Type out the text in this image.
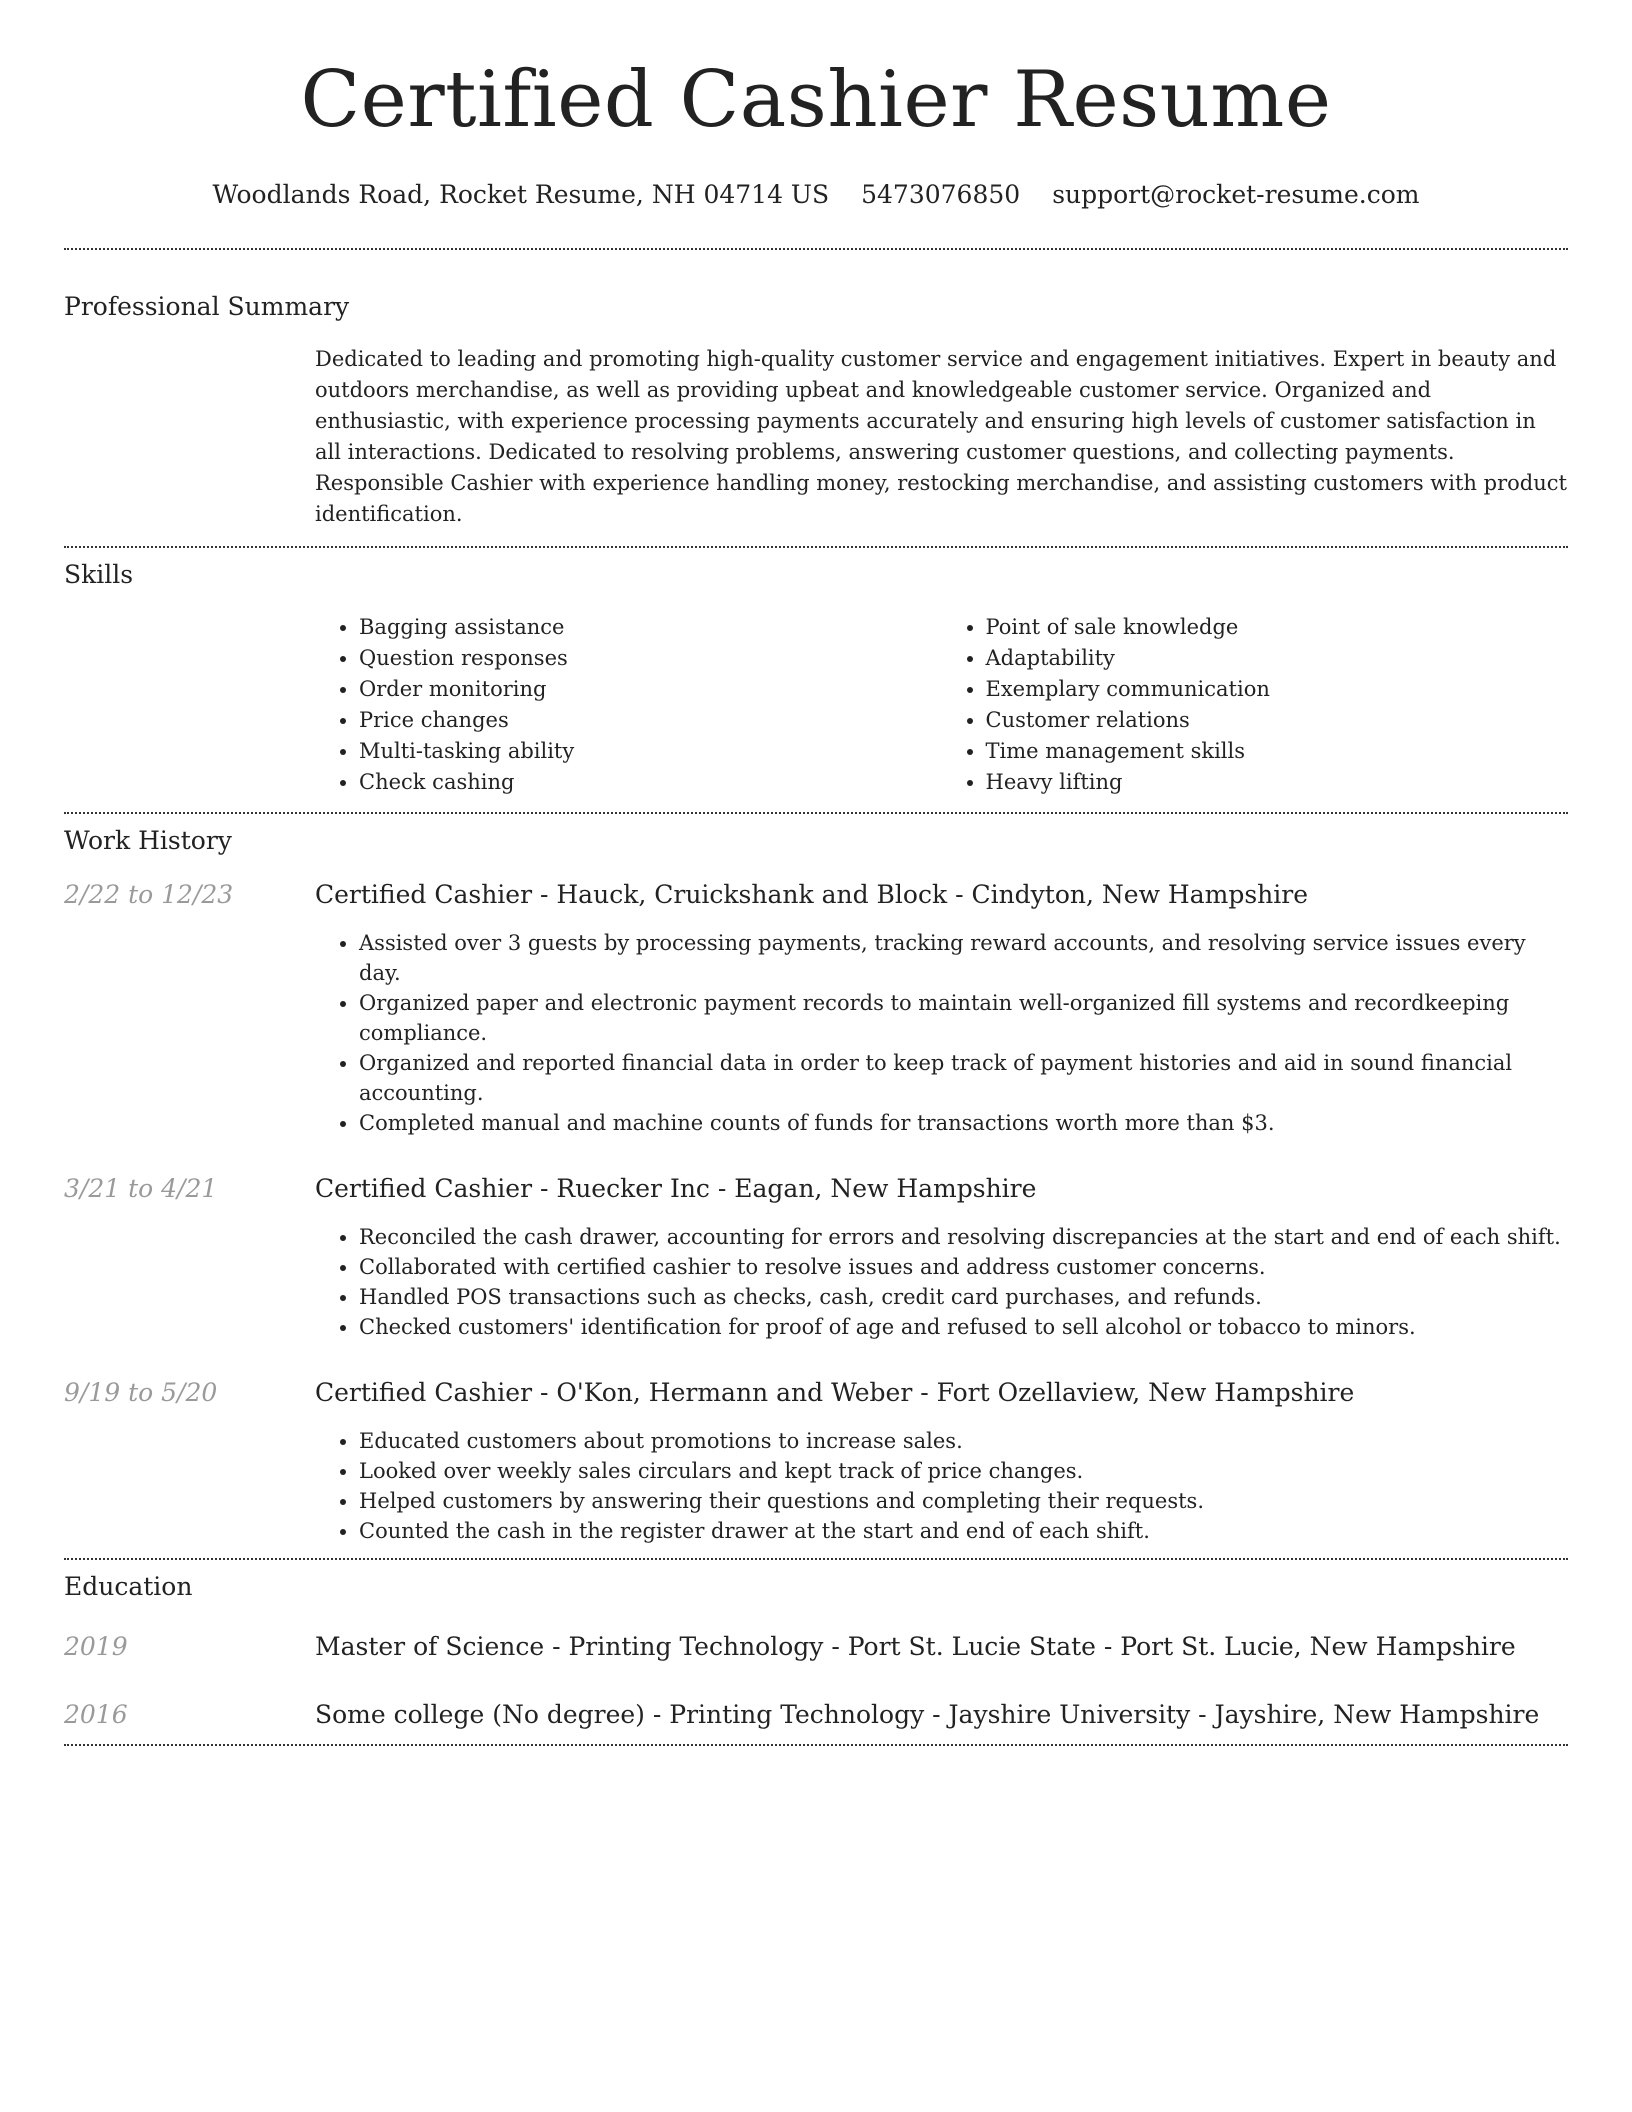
Certified Cashier Resume
Woodlands Road, Rocket Resume, NH 04714 US 5473076850 support@rocket-resume.com
Professional Summary

Dedicated to leading and promoting high-quality customer service and engagement initiatives. Expert in beauty and outdoors merchandise, as well as providing upbeat and knowledgeable customer service. Organized and enthusiastic, with experience processing payments accurately and ensuring high levels of customer satisfaction in all interactions. Dedicated to resolving problems, answering customer questions, and collecting payments. Responsible Cashier with experience handling money, restocking merchandise, and assisting customers with product identification.

Skills
• Bagging assistance
• Question responses
• Order monitoring
• Price changes
• Multi-tasking ability
• Check cashing
• Point of sale knowledge
• Adaptability
• Exemplary communication
• Customer relations
• Time management skills
• Heavy lifting
Work History
2/22 to 12/23	Certified Cashier - Hauck, Cruickshank and Block - Cindyton, New Hampshire
• Assisted over 3 guests by processing payments, tracking reward accounts, and resolving service issues every day.
• Organized paper and electronic payment records to maintain well-organized fill systems and recordkeeping compliance.
• Organized and reported financial data in order to keep track of payment histories and aid in sound financial accounting.
• Completed manual and machine counts of funds for transactions worth more than $3.
3/21 to 4/21	Certified Cashier - Ruecker Inc - Eagan, New Hampshire
• Reconciled the cash drawer, accounting for errors and resolving discrepancies at the start and end of each shift.
• Collaborated with certified cashier to resolve issues and address customer concerns.
• Handled POS transactions such as checks, cash, credit card purchases, and refunds.
• Checked customers' identification for proof of age and refused to sell alcohol or tobacco to minors.
9/19 to 5/20	Certified Cashier - O'Kon, Hermann and Weber - Fort Ozellaview, New Hampshire
• Educated customers about promotions to increase sales.
• Looked over weekly sales circulars and kept track of price changes.
• Helped customers by answering their questions and completing their requests.
• Counted the cash in the register drawer at the start and end of each shift.
Education
2019	Master of Science - Printing Technology - Port St. Lucie State - Port St. Lucie, New Hampshire
2016	Some college (No degree) - Printing Technology - Jayshire University - Jayshire, New Hampshire
